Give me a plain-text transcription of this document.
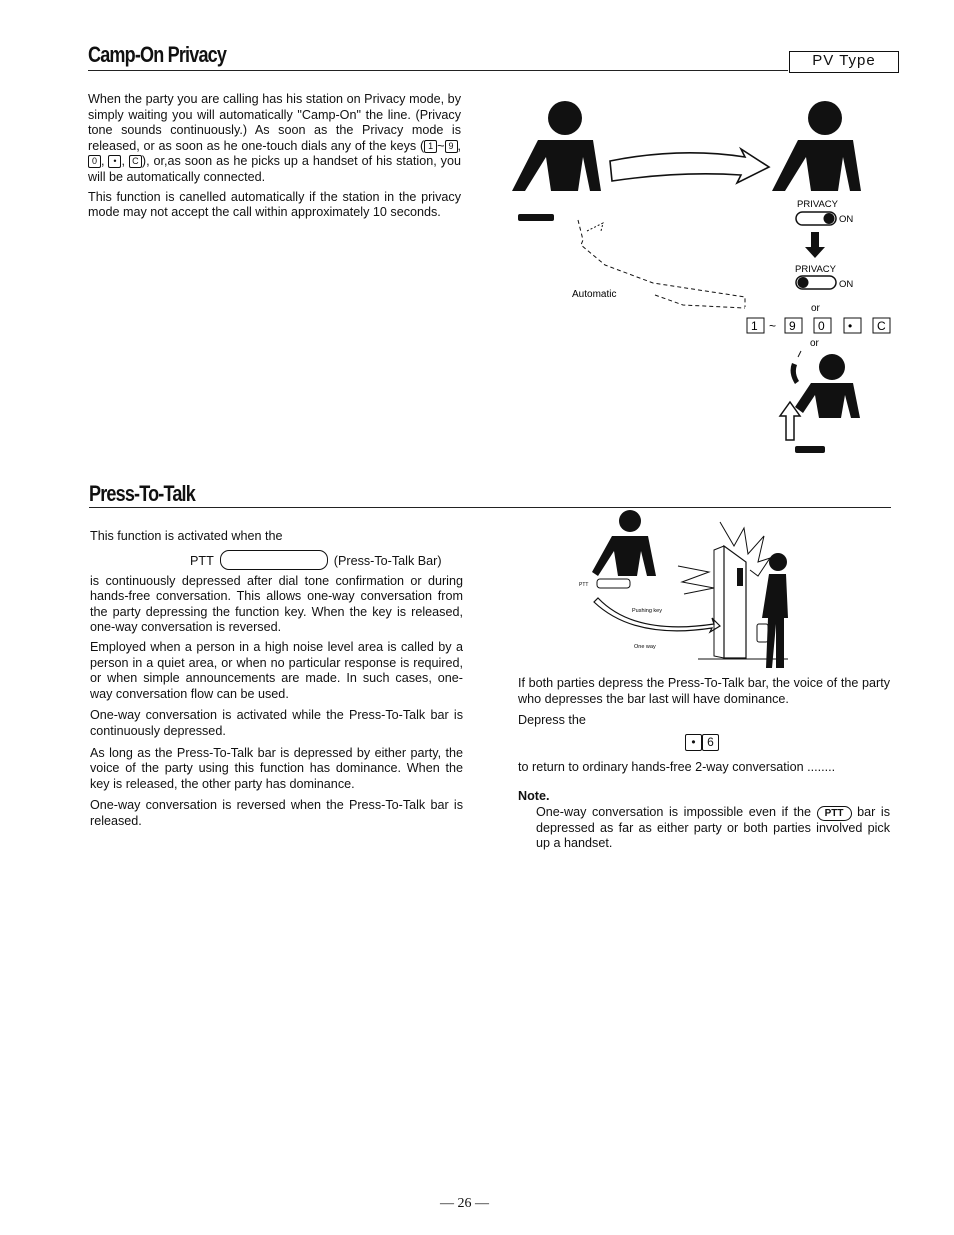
Camp-On Privacy	PV Type

When the party you are calling has his station on Privacy mode, by simply waiting you will automatically "Camp-On" the line. (Privacy tone sounds continuously.) As soon as the Privacy mode is released, or as soon as he one-touch dials any of the keys ( 1 ~ 9 , 0 , • , C ), or,as soon as he picks up a handset of his station, you will be automatically connected.

This function is canelled automatically if the station in the privacy mode may not accept the call within approximately 10 seconds.

PRIVACY
ON
PRIVACY
ON
or
1 ~ 9 0 • C
or
Automatic
Press-To-Talk

This function is activated when the

PTT	(Press-To-Talk Bar)

is continuously depressed after dial tone confirmation or during hands-free conversation. This allows one-way conversation from the party depressing the function key. When the key is released, one-way conversation is reversed.

Employed when a person in a high noise level area is called by a person in a quiet area, or when no particular response is required, or when simple announcements are made. In such cases, one-way conversation flow can be used.

One-way conversation is activated while the Press-To-Talk bar is continuously depressed.

As long as the Press-To-Talk bar is depressed by either party, the voice of the party using this function has dominance. When the key is released, the other party has dominance.

One-way conversation is reversed when the Press-To-Talk bar is released.

PTT
Pushing key
One way

If both parties depress the Press-To-Talk bar, the voice of the party who depresses the bar last will have dominance.

Depress the

• 6

to return to ordinary hands-free 2-way conversation ........

Note.

One-way conversation is impossible even if the PTT bar is depressed as far as either party or both parties involved pick up a handset.

— 26 —
